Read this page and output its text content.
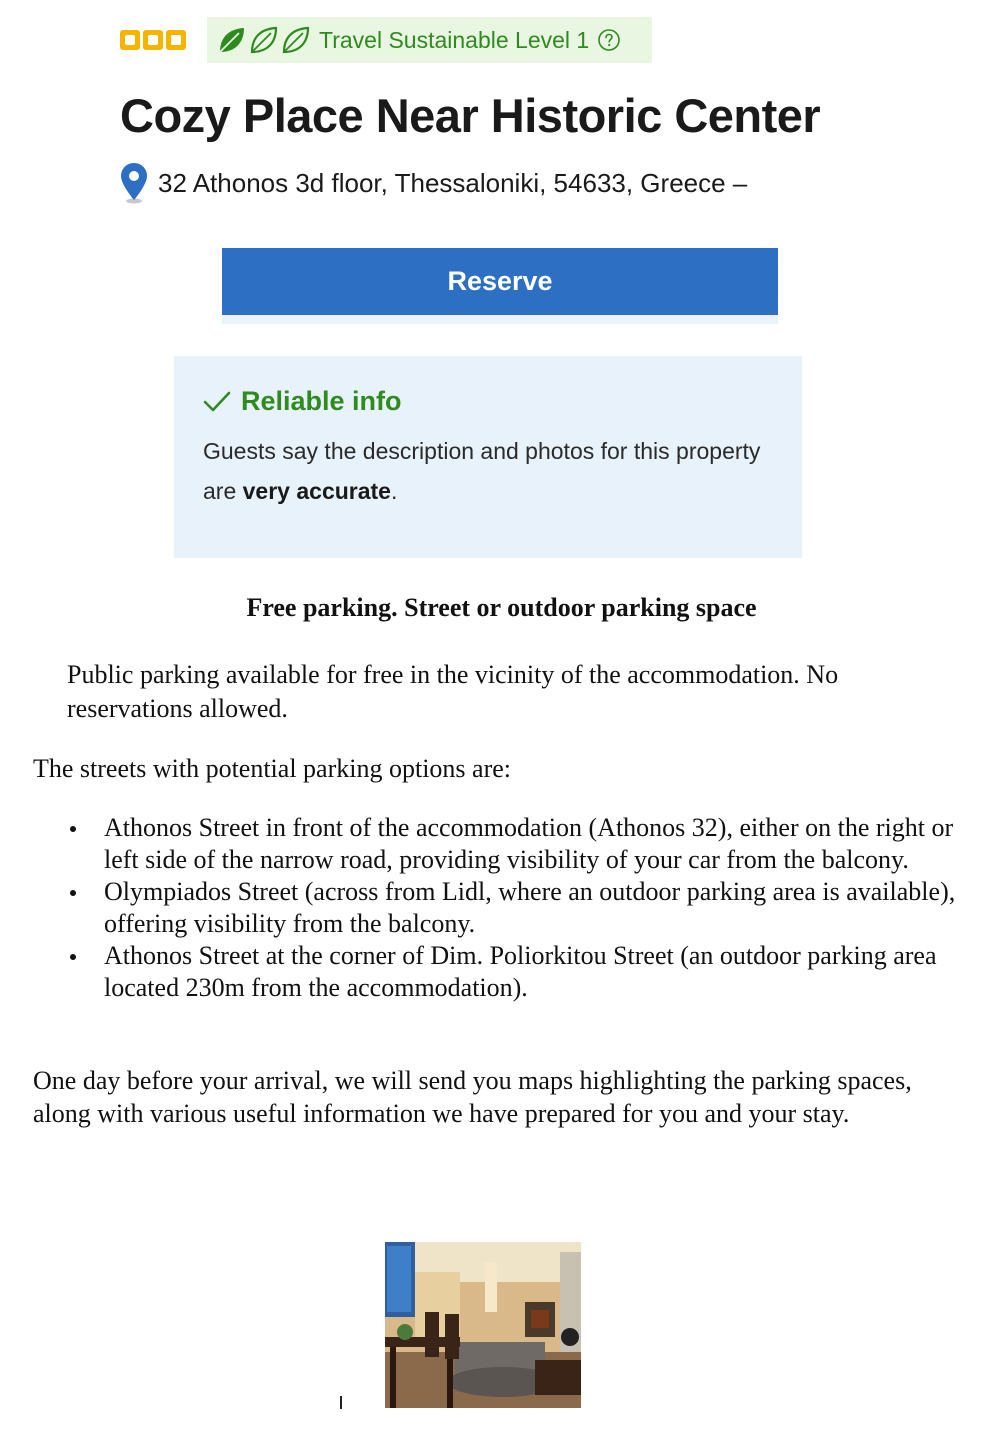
Travel Sustainable Level 1
Cozy Place Near Historic Center
32 Athonos 3d floor, Thessaloniki, 54633, Greece –
Reserve
Reliable info
Guests say the description and photos for this property are very accurate.
Free parking. Street or outdoor parking space
Public parking available for free in the vicinity of the accommodation. No reservations allowed.
The streets with potential parking options are:
Athonos Street in front of the accommodation (Athonos 32), either on the right or left side of the narrow road, providing visibility of your car from the balcony.
Olympiados Street (across from Lidl, where an outdoor parking area is available), offering visibility from the balcony.
Athonos Street at the corner of Dim. Poliorkitou Street (an outdoor parking area located 230m from the accommodation).
One day before your arrival, we will send you maps highlighting the parking spaces, along with various useful information we have prepared for you and your stay.
